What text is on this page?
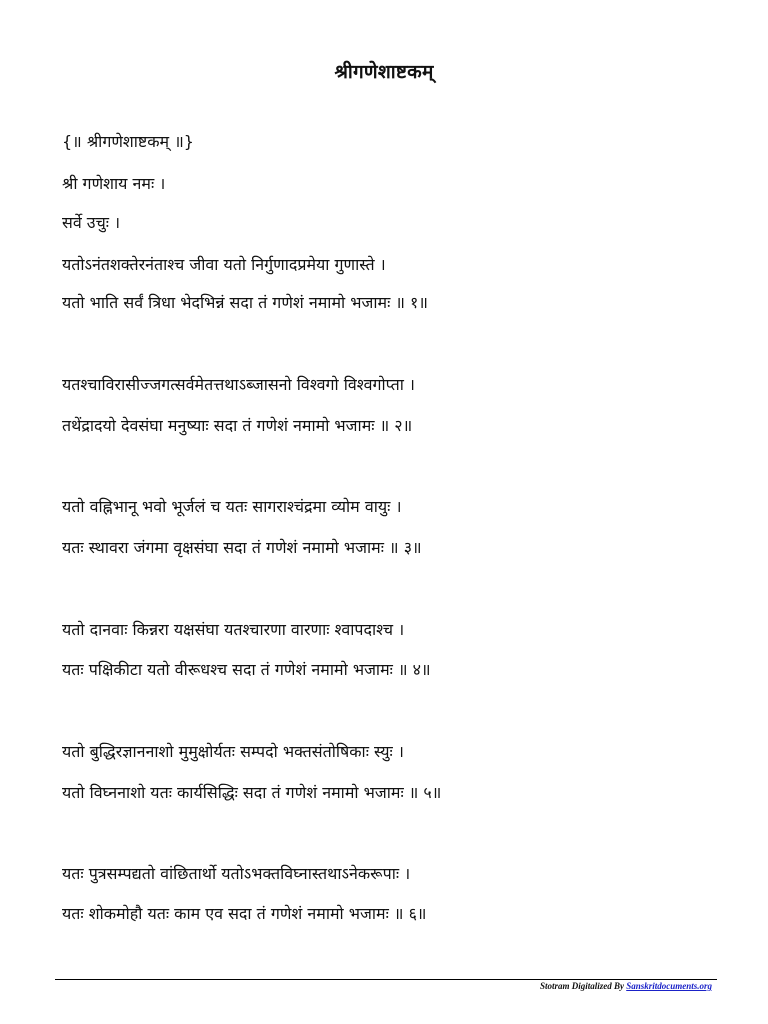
श्रीगणेशाष्टकम्
{॥ श्रीगणेशाष्टकम् ॥}
श्री गणेशाय नमः ।
सर्वे उचुः ।
यतोऽनंतशक्तेरनंताश्च जीवा यतो निर्गुणादप्रमेया गुणास्ते ।
यतो भाति सर्वं त्रिधा भेदभिन्नं सदा तं गणेशं नमामो भजामः ॥ १॥
यतश्चाविरासीज्जगत्सर्वमेतत्तथाऽब्जासनो विश्वगो विश्वगोप्ता ।
तथेंद्रादयो देवसंघा मनुष्याः सदा तं गणेशं नमामो भजामः ॥ २॥
यतो वह्निभानू भवो भूर्जलं च यतः सागराश्चंद्रमा व्योम वायुः ।
यतः स्थावरा जंगमा वृक्षसंघा सदा तं गणेशं नमामो भजामः ॥ ३॥
यतो दानवाः किन्नरा यक्षसंघा यतश्चारणा वारणाः श्वापदाश्च ।
यतः पक्षिकीटा यतो वीरूधश्च सदा तं गणेशं नमामो भजामः ॥ ४॥
यतो बुद्धिरज्ञाननाशो मुमुक्षोर्यतः सम्पदो भक्तसंतोषिकाः स्युः ।
यतो विघ्ननाशो यतः कार्यसिद्धिः सदा तं गणेशं नमामो भजामः ॥ ५॥
यतः पुत्रसम्पद्यतो वांछितार्थो यतोऽभक्तविघ्नास्तथाऽनेकरूपाः ।
यतः शोकमोहौ यतः काम एव सदा तं गणेशं नमामो भजामः ॥ ६॥
Stotram Digitalized By Sanskritdocuments.org
